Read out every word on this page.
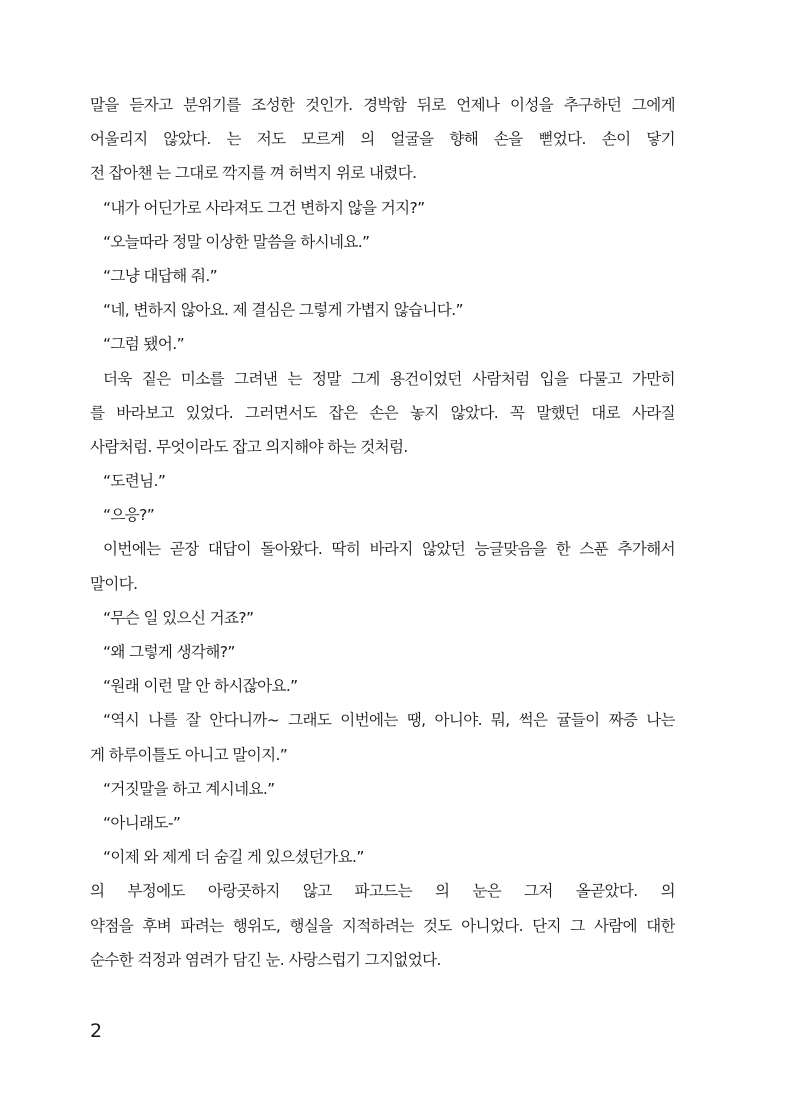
말을 듣자고 분위기를 조성한 것인가. 경박함 뒤로 언제나 이성을 추구하던 그에게
어울리지 않았다. 는 저도 모르게 의 얼굴을 향해 손을 뻗었다. 손이 닿기
전 잡아챈 는 그대로 깍지를 껴 허벅지 위로 내렸다.
“내가 어딘가로 사라져도 그건 변하지 않을 거지?”
“오늘따라 정말 이상한 말씀을 하시네요.”
“그냥 대답해 줘.”
“네, 변하지 않아요. 제 결심은 그렇게 가볍지 않습니다.”
“그럼 됐어.”
더욱 짙은 미소를 그려낸 는 정말 그게 용건이었던 사람처럼 입을 다물고 가만히
를 바라보고 있었다. 그러면서도 잡은 손은 놓지 않았다. 꼭 말했던 대로 사라질
사람처럼. 무엇이라도 잡고 의지해야 하는 것처럼.
“도련님.”
“으응?”
이번에는 곧장 대답이 돌아왔다. 딱히 바라지 않았던 능글맞음을 한 스푼 추가해서
말이다.
“무슨 일 있으신 거죠?”
“왜 그렇게 생각해?”
“원래 이런 말 안 하시잖아요.”
“역시 나를 잘 안다니까~ 그래도 이번에는 땡, 아니야. 뭐, 썩은 귤들이 짜증 나는
게 하루이틀도 아니고 말이지.”
“거짓말을 하고 계시네요.”
“아니래도-”
“이제 와 제게 더 숨길 게 있으셨던가요.”
의 부정에도 아랑곳하지 않고 파고드는 의 눈은 그저 올곧았다. 의
약점을 후벼 파려는 행위도, 행실을 지적하려는 것도 아니었다. 단지 그 사람에 대한
순수한 걱정과 염려가 담긴 눈. 사랑스럽기 그지없었다.
2
